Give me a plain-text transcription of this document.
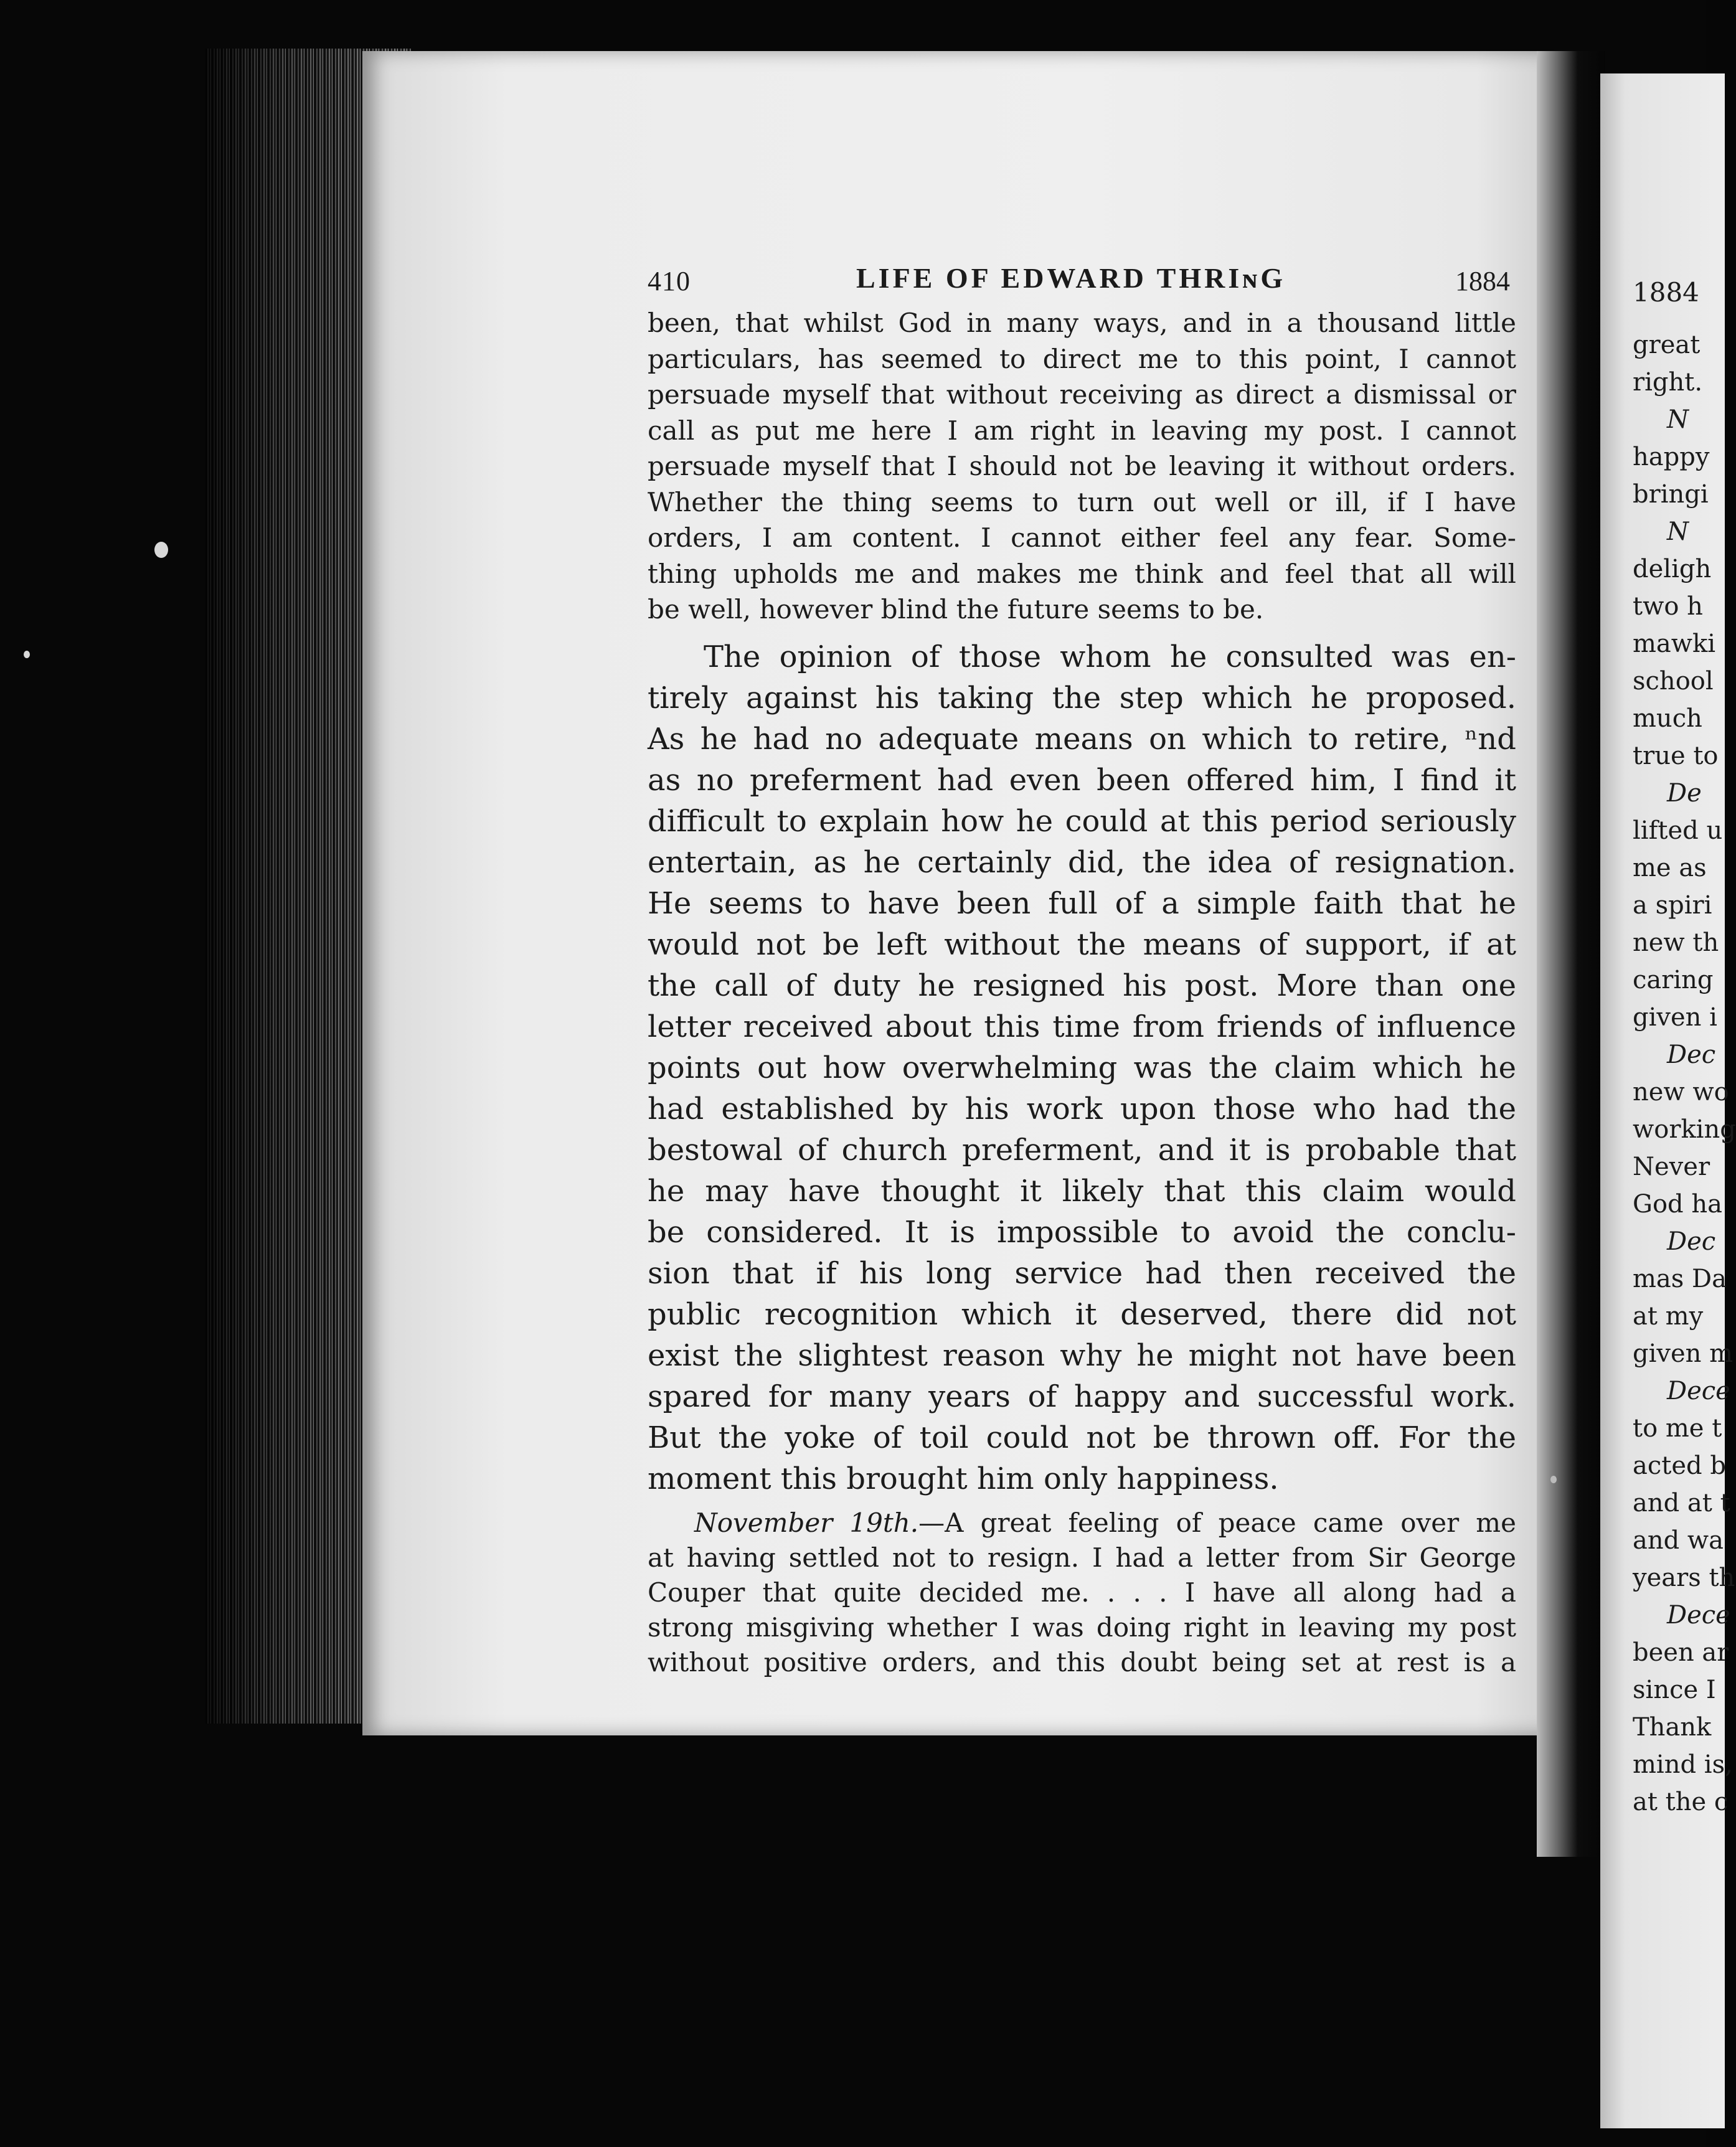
410	LIFE OF EDWARD THRIɴG	1884
been, that whilst God in many ways, and in a thousand little
particulars, has seemed to direct me to this point, I cannot
persuade myself that without receiving as direct a dismissal or
call as put me here I am right in leaving my post. I cannot
persuade myself that I should not be leaving it without orders.
Whether the thing seems to turn out well or ill, if I have
orders, I am content. I cannot either feel any fear. Some-
thing upholds me and makes me think and feel that all will
be well, however blind the future seems to be.
The opinion of those whom he consulted was en-
tirely against his taking the step which he proposed.
As he had no adequate means on which to retire, ⁿnd
as no preferment had even been offered him, I find it
difficult to explain how he could at this period seriously
entertain, as he certainly did, the idea of resignation.
He seems to have been full of a simple faith that he
would not be left without the means of support, if at
the call of duty he resigned his post. More than one
letter received about this time from friends of influence
points out how overwhelming was the claim which he
had established by his work upon those who had the
bestowal of church preferment, and it is probable that
he may have thought it likely that this claim would
be considered. It is impossible to avoid the conclu-
sion that if his long service had then received the
public recognition which it deserved, there did not
exist the slightest reason why he might not have been
spared for many years of happy and successful work.
But the yoke of toil could not be thrown off. For the
moment this brought him only happiness.
November 19th.—A great feeling of peace came over me
at having settled not to resign. I had a letter from Sir George
Couper that quite decided me. . . . I have all along had a
strong misgiving whether I was doing right in leaving my post
without positive orders, and this doubt being set at rest is a
1884
great
right.
N
happy
bringi
N
deligh
two h
mawki
school
much
true to
De
lifted u
me as
a spiri
new th
caring
given i
Dec
new wo
working
Never
God ha
Dec
mas Da
at my
given m
Dece
to me t
acted b
and at t
and wa
years th
Dece
been ar
since I
Thank
mind is,
at the c
